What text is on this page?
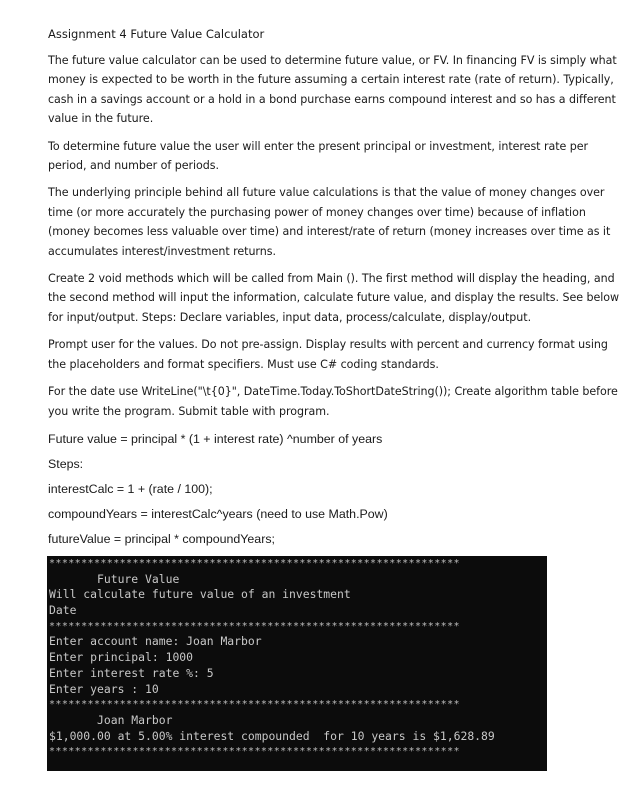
Assignment 4 Future Value Calculator
The future value calculator can be used to determine future value, or FV. In financing FV is simply what
money is expected to be worth in the future assuming a certain interest rate (rate of return). Typically,
cash in a savings account or a hold in a bond purchase earns compound interest and so has a different
value in the future.
To determine future value the user will enter the present principal or investment, interest rate per
period, and number of periods.
The underlying principle behind all future value calculations is that the value of money changes over
time (or more accurately the purchasing power of money changes over time) because of inflation
(money becomes less valuable over time) and interest/rate of return (money increases over time as it
accumulates interest/investment returns.
Create 2 void methods which will be called from Main (). The first method will display the heading, and
the second method will input the information, calculate future value, and display the results. See below
for input/output. Steps: Declare variables, input data, process/calculate, display/output.
Prompt user for the values. Do not pre-assign. Display results with percent and currency format using
the placeholders and format specifiers. Must use C# coding standards.
For the date use WriteLine("\t{0}", DateTime.Today.ToShortDateString()); Create algorithm table before
you write the program. Submit table with program.
Future value = principal * (1 + interest rate) ^number of years
Steps:
interestCalc = 1 + (rate / 100);
compoundYears = interestCalc^years (need to use Math.Pow)
futureValue = principal * compoundYears;
****************************************************************
Future Value
Will calculate future value of an investment
Date
****************************************************************
Enter account name: Joan Marbor
Enter principal: 1000
Enter interest rate %: 5
Enter years : 10
****************************************************************
Joan Marbor
$1,000.00 at 5.00% interest compounded  for 10 years is $1,628.89
****************************************************************
